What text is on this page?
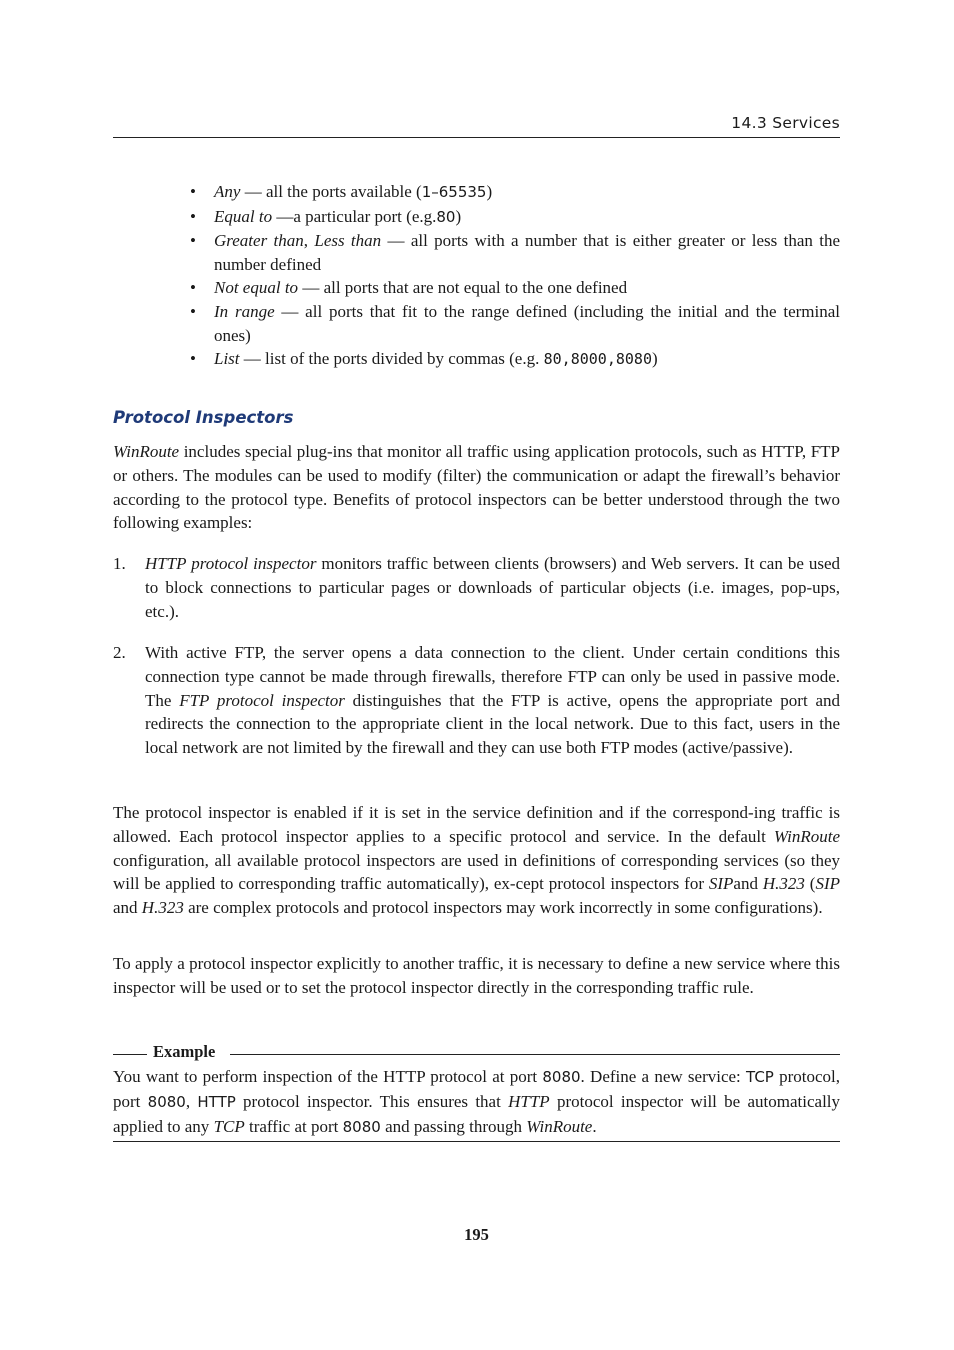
14.3 Services
• Any — all the ports available (1–65535)
• Equal to —a particular port (e.g.80)
• Greater than, Less than — all ports with a number that is either greater or less than the number defined
• Not equal to — all ports that are not equal to the one defined
• In range — all ports that fit to the range defined (including the initial and the terminal ones)
• List — list of the ports divided by commas (e.g. 80,8000,8080)
Protocol Inspectors

WinRoute includes special plug-ins that monitor all traffic using application protocols, such as HTTP, FTP or others. The modules can be used to modify (filter) the communication or adapt the firewall’s behavior according to the protocol type. Benefits of protocol inspectors can be better understood through the two following examples:

1. HTTP protocol inspector monitors traffic between clients (browsers) and Web servers. It can be used to block connections to particular pages or downloads of particular objects (i.e. images, pop-ups, etc.).
2. With active FTP, the server opens a data connection to the client. Under certain conditions this connection type cannot be made through firewalls, therefore FTP can only be used in passive mode. The FTP protocol inspector distinguishes that the FTP is active, opens the appropriate port and redirects the connection to the appropriate client in the local network. Due to this fact, users in the local network are not limited by the firewall and they can use both FTP modes (active/passive).

The protocol inspector is enabled if it is set in the service definition and if the correspond-ing traffic is allowed. Each protocol inspector applies to a specific protocol and service. In the default WinRoute configuration, all available protocol inspectors are used in definitions of corresponding services (so they will be applied to corresponding traffic automatically), ex-cept protocol inspectors for SIPand H.323 (SIP and H.323 are complex protocols and protocol inspectors may work incorrectly in some configurations).

To apply a protocol inspector explicitly to another traffic, it is necessary to define a new service where this inspector will be used or to set the protocol inspector directly in the corresponding traffic rule.

Example

You want to perform inspection of the HTTP protocol at port 8080. Define a new service: TCP protocol, port 8080, HTTP protocol inspector. This ensures that HTTP protocol inspector will be automatically applied to any TCP traffic at port 8080 and passing through WinRoute.

195
